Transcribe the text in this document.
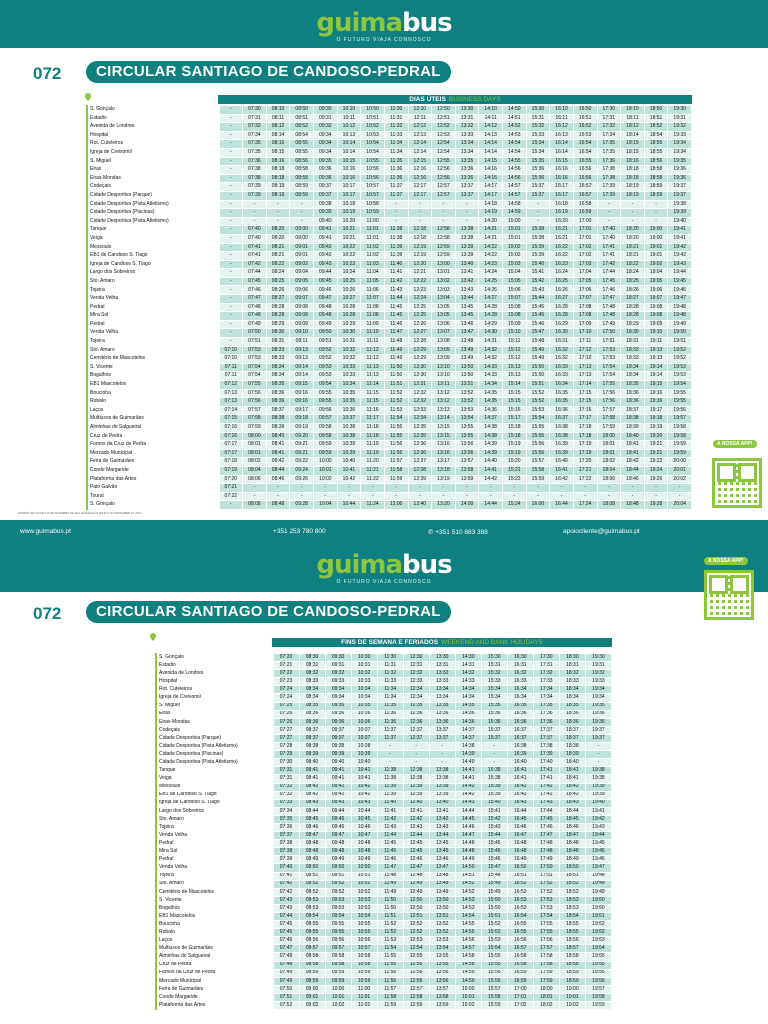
guimabus
O FUTURO VIAJA CONNOSCO
072	CIRCULAR SANTIAGO DE CANDOSO-PEDRAL
DIAS ÚTEIS BUSINESS DAYS
S. Gonçalo	-	07:30	08:10	08:50	09:30	10:10	10:50	11:30	12:10	12:50	13:30	14:10	14:50	15:30	16:10	16:50	17:30	18:10	18:50	19:30
Estadio	-	07:31	08:11	08:51	09:31	10:11	10:51	11:31	12:11	12:51	13:31	14:11	14:51	15:31	16:11	16:51	17:31	18:11	18:51	19:31
Avenida de Londres	-	07:32	08:12	08:52	09:32	10:12	10:52	11:32	12:12	12:52	13:32	14:12	14:52	15:32	16:12	16:52	17:32	18:12	18:52	19:32
Hospital	-	07:34	08:14	08:54	09:34	10:13	10:53	11:33	12:13	12:53	13:33	14:13	14:53	15:33	16:13	16:53	17:34	18:14	18:54	19:33
Rot. Cuteleiros	-	07:35	08:15	08:55	09:34	10:14	10:54	11:34	12:14	12:54	13:34	14:14	14:54	15:34	16:14	16:54	17:35	18:15	18:55	19:34
Igreja de Creixomil	-	07:35	08:15	08:55	09:34	10:14	10:54	11:34	12:14	12:54	13:34	14:14	14:54	15:34	16:14	16:54	17:35	18:15	18:55	19:34
S. Miguel	-	07:36	08:16	08:56	09:35	10:15	10:55	11:35	12:15	12:55	13:35	14:15	14:55	15:35	16:15	16:55	17:36	18:16	18:56	19:35
Eiras	-	07:38	08:18	08:58	09:36	10:16	10:56	11:36	12:16	12:56	13:36	14:16	14:56	15:36	16:16	16:56	17:38	18:18	18:58	19:36
Eiras-Mondas	-	07:38	08:18	08:58	09:36	10:16	10:56	11:36	12:16	12:56	13:36	14:16	14:56	15:36	16:16	16:56	17:38	18:18	18:58	19:36
Codeçais	-	07:39	08:19	08:59	09:37	10:17	10:57	11:37	12:17	12:57	13:37	14:17	14:57	15:37	16:17	16:57	17:39	18:19	18:59	19:37
Cidade Desportiva (Parque)	-	07:39	08:19	08:59	09:37	10:17	10:57	11:37	12:17	12:57	13:37	14:17	14:57	15:37	16:17	16:57	17:39	18:19	18:59	19:37
Cidade Desportiva (Pista Atletismo)	-	-	-	-	09:38	10:18	10:58	-	-	-	-	14:18	14:58	-	16:18	16:58	-	-	-	19:38
Cidade Desportiva (Piscinas)	-	-	-	-	09:39	10:19	10:59	-	-	-	-	14:19	14:59	-	16:19	16:59	-	-	-	19:39
Cidade Desportiva (Pista Atletismo)	-	-	-	-	09:40	10:20	11:00	-	-	-	-	14:20	15:00	-	16:20	17:00	-	-	-	19:40
Tanque	-	07:40	08:20	09:00	09:41	10:21	11:01	11:38	12:18	12:58	13:38	14:21	15:01	15:38	16:21	17:01	17:40	18:20	19:00	19:41
Veiga	-	07:40	08:20	09:00	09:41	10:21	11:01	11:38	12:18	12:58	13:38	14:21	15:01	15:38	16:21	17:01	17:40	18:20	19:00	19:41
Messoulo	-	07:41	08:21	09:01	09:42	10:22	11:02	11:39	12:19	12:59	13:39	14:22	15:02	15:39	16:22	17:02	17:41	18:21	19:01	19:42
EB1 de Candoso S. Tiago	-	07:41	08:21	09:01	09:42	10:22	11:02	11:39	12:19	12:59	13:39	14:22	15:02	15:39	16:22	17:02	17:41	18:21	19:01	19:42
Igreja de Candoso S. Tiago	-	07:42	08:22	09:02	09:43	10:23	11:03	11:40	12:20	13:00	13:40	14:23	15:03	15:40	16:23	17:03	17:42	18:22	19:02	19:43
Largo dos Sobreiros	-	07:44	08:24	09:04	09:44	10:24	11:04	11:41	12:21	13:01	13:41	14:24	15:04	15:41	16:24	17:04	17:44	18:24	19:04	19:44
Sto. Amaro	-	07:45	08:25	09:05	09:45	10:25	11:05	11:42	12:22	13:02	13:42	14:25	15:05	15:42	16:25	17:05	17:45	18:25	19:05	19:45
Tojeira	-	07:46	08:26	09:06	09:46	10:26	11:06	11:43	12:23	13:03	13:43	14:26	15:06	15:43	16:26	17:06	17:46	18:26	19:06	19:46
Venda Velha	-	07:47	08:27	09:07	09:47	10:27	11:07	11:44	12:24	13:04	13:44	14:27	15:07	15:44	16:27	17:07	17:47	18:27	19:07	19:47
Pedral	-	07:48	08:28	09:08	09:48	10:28	11:08	11:45	12:25	13:05	13:45	14:28	15:08	15:45	16:28	17:08	17:48	18:28	19:08	19:48
Mira Sol	-	07:48	08:28	09:08	09:48	10:28	11:08	11:45	12:25	13:05	13:45	14:28	15:08	15:45	16:28	17:08	17:48	18:28	19:08	19:48
Pedral	-	07:49	08:29	09:09	09:49	10:29	11:09	11:46	12:26	13:06	13:46	14:29	15:09	15:46	16:29	17:09	17:49	18:29	19:09	19:49
Venda Velha	-	07:50	08:30	09:10	09:50	10:30	11:10	11:47	12:27	13:07	13:47	14:30	15:10	15:47	16:30	17:10	17:50	18:30	19:10	19:50
Tojeira	-	07:51	08:31	09:11	09:51	10:31	11:11	11:48	12:28	13:08	13:48	14:31	15:11	15:48	16:31	17:11	17:51	18:31	19:11	19:51
Sto. Amaro	07:10	07:53	08:33	09:13	09:52	10:32	11:12	11:49	12:29	13:09	13:49	14:32	15:12	15:49	16:32	17:12	17:53	18:33	19:13	19:52
Cemitério de Mascotelos	07:10	07:53	08:33	09:13	09:52	10:32	11:12	11:49	12:29	13:09	13:49	14:32	15:12	15:49	16:32	17:12	17:53	18:33	19:13	19:52
S. Vicente	07:11	07:54	08:34	09:14	09:53	10:33	11:13	11:50	12:30	13:10	13:50	14:33	15:13	15:50	16:33	17:13	17:54	18:34	19:14	19:53
Bogalhós	07:11	07:54	08:34	09:14	09:53	10:33	11:13	11:50	12:30	13:10	13:50	14:33	15:13	15:50	16:33	17:13	17:54	18:34	19:14	19:53
EB1 Mascotelos	07:12	07:55	08:35	09:15	09:54	10:34	11:14	11:51	12:31	13:11	13:51	14:34	15:14	15:51	16:34	17:14	17:55	18:35	19:15	19:54
Boucinha	07:13	07:56	08:36	09:16	09:55	10:35	11:15	11:52	12:32	13:12	13:52	14:35	15:15	15:52	16:35	17:15	17:56	18:36	19:16	19:55
Robalo	07:13	07:56	08:36	09:16	09:55	10:35	11:15	11:52	12:32	13:12	13:52	14:35	15:15	15:52	16:35	17:15	17:56	18:36	19:16	19:55
Laços	07:14	07:57	08:37	09:17	09:56	10:36	11:16	11:53	12:33	13:13	13:53	14:36	15:16	15:53	16:36	17:16	17:57	18:37	19:17	19:56
Multiusos de Guimarães	07:15	07:58	08:38	09:18	09:57	10:37	11:17	11:54	12:34	13:14	13:54	14:37	15:17	15:54	16:37	17:17	17:58	18:38	19:18	19:57
Alminhas do Salgueiral	07:16	07:59	08:39	09:19	09:58	10:38	11:18	11:55	12:35	13:15	13:55	14:38	15:18	15:55	16:38	17:18	17:59	18:39	19:19	19:58
Cruz de Pedra	07:16	08:00	08:40	09:20	09:58	10:38	11:18	11:55	12:35	13:15	13:55	14:38	15:18	15:55	16:38	17:18	18:00	18:40	19:20	19:58
Fornos da Cruz de Pedra	07:17	08:01	08:41	09:21	09:59	10:39	11:19	11:56	12:36	13:16	13:56	14:39	15:19	15:56	16:39	17:19	18:01	18:41	19:21	19:59
Mercado Municipal	07:17	08:01	08:41	09:21	09:59	10:39	11:19	11:56	12:36	13:16	13:56	14:39	15:19	15:56	16:39	17:19	18:01	18:41	19:21	19:59
Feira de Guimarães	07:18	08:02	08:42	09:22	10:00	10:40	11:20	11:57	12:37	13:17	13:57	14:40	15:20	15:57	16:40	17:20	18:02	18:42	19:22	20:00
Conde Margaride	07:19	08:04	08:44	09:24	10:01	10:41	11:21	11:58	12:38	13:18	13:58	14:41	15:21	15:58	16:41	17:21	18:04	18:44	19:24	20:01
Plataforma das Artes	07:20	08:06	08:46	09:26	10:02	10:42	11:22	11:59	12:39	13:19	13:59	14:42	15:22	15:59	16:42	17:22	18:06	18:46	19:26	20:02
Paio Galvão	07:21	-	-	-	-	-	-	-	-	-	-	-	-	-	-	-	-	-	-	-
Toural	07:22	-	-	-	-	-	-	-	-	-	-	-	-	-	-	-	-	-	-	-
S. Gonçalo	-	08:08	08:48	09:28	10:04	10:44	11:24	12:00	12:40	13:20	14:00	14:44	15:24	16:00	16:44	17:24	18:08	18:48	19:28	20:04
HORÁRIO EM VIGOR A 16 DE SETEMBRO DE 2024 SCHEDULE IN EFFECT ON SEPTEMBER 16, 2024
A NOSSA APP!
www.guimabus.pt	+351 253 780 800	✆ +351 510 883 388	apoiocliente@guimabus.pt
guimabus
O FUTURO VIAJA CONNOSCO
A NOSSA APP!
072	CIRCULAR SANTIAGO DE CANDOSO-PEDRAL
FINS DE SEMANA E FERIADOS WEEKEND AND BANK HOLIDAYS
S. Gonçalo	07:20	08:30	09:30	10:30	11:30	12:30	13:30	14:30	15:30	16:30	17:30	18:30	19:30
Estadio	07:21	08:31	09:31	10:31	11:31	12:31	13:31	14:31	15:31	16:31	17:31	18:31	19:31
Avenida de Londres	07:22	08:32	09:32	10:32	11:32	12:32	13:32	14:32	15:32	16:32	17:32	18:32	19:32
Hospital	07:23	08:33	09:33	10:33	11:33	12:33	13:33	14:33	15:33	16:33	17:33	18:33	19:33
Rot. Cuteleiros	07:24	08:34	09:34	10:34	11:34	12:34	13:34	14:34	15:34	16:34	17:34	18:34	19:34
Igreja de Creixomil	07:24	08:34	09:34	10:34	11:34	12:34	13:34	14:34	15:34	16:34	17:34	18:34	19:34
S. Miguel	07:25	08:35	09:35	10:35	11:35	12:35	13:35	14:35	15:35	16:35	17:35	18:35	19:35
Eiras	07:26	08:36	09:36	10:36	11:36	12:36	13:36	14:36	15:36	16:36	17:36	18:36	19:36
Eiras-Mondas	07:26	08:36	09:36	10:36	11:36	12:36	13:36	14:36	15:36	16:36	17:36	18:36	19:36
Codeçais	07:27	08:37	09:37	10:37	11:37	12:37	13:37	14:37	15:37	16:37	17:37	18:37	19:37
Cidade Desportiva (Parque)	07:27	08:37	09:37	10:37	11:37	12:37	13:37	14:37	15:37	16:37	17:37	18:37	19:37
Cidade Desportiva (Pista Atletismo)	07:28	08:38	09:38	10:38	-	-	-	14:38	-	16:38	17:38	18:38	-
Cidade Desportiva (Piscinas)	07:29	08:39	09:39	10:39	-	-	-	14:39	-	16:39	17:39	18:39	-
Cidade Desportiva (Pista Atletismo)	07:30	08:40	09:40	10:40	-	-	-	14:40	-	16:40	17:40	18:40	-
Tanque	07:31	08:41	09:41	10:41	11:38	12:38	13:38	14:41	15:38	16:41	17:41	18:41	19:38
Veiga	07:31	08:41	09:41	10:41	11:38	12:38	13:38	14:41	15:38	16:41	17:41	18:41	19:38
Messoulo	07:32	08:42	09:42	10:42	11:39	12:39	13:39	14:42	15:39	16:42	17:42	18:42	19:39
EB1 de Candoso S. Tiago	07:32	08:42	09:42	10:42	11:39	12:39	13:39	14:42	15:39	16:42	17:42	18:42	19:39
Igreja de Candoso S. Tiago	07:33	08:43	09:43	10:43	11:40	12:40	13:40	14:43	15:40	16:43	17:43	18:43	19:40
Largo dos Sobreiros	07:34	08:44	09:44	10:44	11:41	12:41	13:41	14:44	15:41	16:44	17:44	18:44	19:41
Sto. Amaro	07:35	08:45	09:45	10:45	11:42	12:42	13:42	14:45	15:42	16:45	17:45	18:45	19:42
Tojeira	07:36	08:46	09:46	10:46	11:43	12:43	13:43	14:46	15:43	16:46	17:46	18:46	19:43
Venda Velha	07:37	08:47	09:47	10:47	11:44	12:44	13:44	14:47	15:44	16:47	17:47	18:47	19:44
Pedral	07:38	08:48	09:48	10:48	11:45	12:45	13:45	14:48	15:45	16:48	17:48	18:48	19:45
Mira Sol	07:38	08:48	09:48	10:48	11:45	12:45	13:45	14:48	15:45	16:48	17:48	18:48	19:45
Pedral	07:39	08:49	09:49	10:49	11:46	12:46	13:46	14:49	15:46	16:49	17:49	18:49	19:46
Venda Velha	07:40	08:50	09:50	10:50	11:47	12:47	13:47	14:50	15:47	16:50	17:50	18:50	19:47
Tojeira	07:41	08:51	09:51	10:51	11:48	12:48	13:48	14:51	15:48	16:51	17:51	18:51	19:48
Sto. Amaro	07:42	08:52	09:52	10:52	11:49	12:49	13:49	14:52	15:49	16:52	17:52	18:52	19:49
Cemitério de Mascotelos	07:42	08:52	09:52	10:52	11:49	12:49	13:49	14:52	15:49	16:52	17:52	18:52	19:49
S. Vicente	07:43	08:53	09:53	10:53	11:50	12:50	13:50	14:53	15:50	16:53	17:53	18:53	19:50
Bogalhós	07:43	08:53	09:53	10:53	11:50	12:50	13:50	14:53	15:50	16:53	17:53	18:53	19:50
EB1 Mascotelos	07:44	08:54	09:54	10:54	11:51	12:51	13:51	14:54	15:51	16:54	17:54	18:54	19:51
Boucinha	07:45	08:55	09:55	10:55	11:52	12:52	13:52	14:55	15:52	16:55	17:55	18:55	19:52
Robalo	07:45	08:55	09:55	10:55	11:52	12:52	13:52	14:55	15:52	16:55	17:55	18:55	19:52
Laços	07:46	08:56	09:56	10:56	11:53	12:53	13:53	14:56	15:53	16:56	17:56	18:56	19:53
Multiusos de Guimarães	07:47	08:57	09:57	10:57	11:54	12:54	13:54	14:57	15:54	16:57	17:57	18:57	19:54
Alminhas do Salgueiral	07:48	08:58	09:58	10:58	11:55	12:55	13:55	14:58	15:55	16:58	17:58	18:58	19:55
Cruz de Pedra	07:48	08:58	09:58	10:58	11:55	12:55	13:55	14:58	15:55	16:58	17:58	18:58	19:55
Fornos da Cruz de Pedra	07:49	08:59	09:59	10:59	11:56	12:56	13:56	14:59	15:56	16:59	17:59	18:59	19:56
Mercado Municipal	07:49	08:59	09:59	10:59	11:56	12:56	13:56	14:59	15:56	16:59	17:59	18:59	19:56
Feira de Guimarães	07:50	09:00	10:00	11:00	11:57	12:57	13:57	15:00	15:57	17:00	18:00	19:00	19:57
Conde Margaride	07:51	09:01	10:01	11:01	11:58	12:58	13:58	15:01	15:58	17:01	18:01	19:01	19:58
Plataforma das Artes	07:52	09:02	10:02	11:02	11:59	12:59	13:59	15:02	15:59	17:02	18:02	19:02	19:59
